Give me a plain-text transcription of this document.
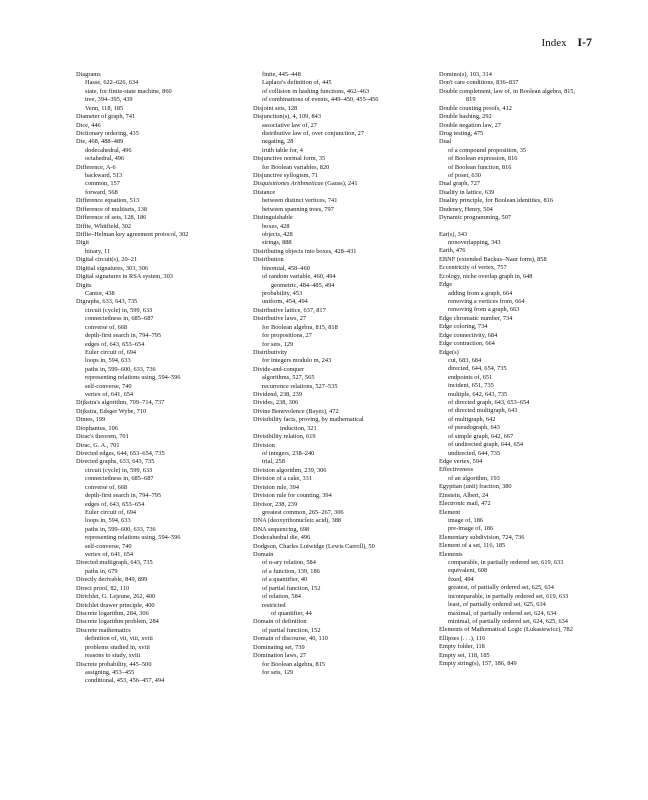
Index I-7
Diagrams
Hasse, 622–626, 634
state, for finite-state machine, 860
tree, 394–395, 439
Venn, 118, 185
Diameter of graph, 741
Dice, 446
Dictionary ordering, 435
Die, 468, 488–489
dodecahedral, 496
octahedral, 496
Difference, A-6
backward, 513
common, 157
forward, 568
Difference equation, 513
Difference of multisets, 138
Difference of sets, 128, 186
Diffie, Whitfield, 302
Diffie–Helman key agreement protocol, 302
Digit
binary, 11
Digital circuit(s), 20–21
Digitial signatures, 303, 306
Digital signatures in RSA system, 303
Digits
Cantor, 438
Digraphs, 633, 643, 735
circuit (cycle) in, 599, 633
connectedness in, 685–687
converse of, 668
depth-first search in, 794–795
edges of, 643, 653–654
Euler circuit of, 694
loops in, 594, 633
paths in, 599–600, 633, 736
representing relations using, 594–596
self-converse, 740
vertex of, 641, 654
Dijkstra's algorithm, 709–714, 737
Dijkstra, Edsger Wybe, 710
Dimes, 199
Diophantus, 106
Dirac's theorem, 701
Dirac, G. A., 701
Directed edges, 644, 653–654, 735
Directed graphs, 633, 643, 735
circuit (cycle) in, 599, 633
connectedness in, 685–687
converse of, 668
depth-first search in, 794–795
edges of, 643, 653–654
Euler circuit of, 694
loops in, 594, 633
paths in, 599–600, 633, 736
representing relations using, 594–596
self-converse, 740
vertex of, 641, 654
Directed multigraph, 643, 735
paths in, 679
Directly derivable, 849, 899
Direct proof, 82, 110
Dirichlet, G. Lejeune, 262, 400
Dirichlet drawer principle, 400
Discrete logarithm, 284, 306
Discrete logarithm problem, 284
Discrete mathematics
definition of, vii, viii, xviii
problems studied in, xviii
reasons to study, xviii
Discrete probability, 445–500
assigning, 453–455
conditional, 453, 456–457, 494
finite, 445–448
Laplace's definition of, 445
of collision in hashing functions, 462–463
of combinations of events, 449–450, 455–456
Disjoint sets, 128
Disjunction(s), 4, 109, 843
associative law of, 27
distributive law of, over conjunction, 27
negating, 28
truth table for, 4
Disjunctive normal form, 35
for Boolean variables, 820
Disjunctive syllogism, 71
Disquisitiones Arithmeticae (Gauss), 241
Distance
between distinct vertices, 741
between spanning trees, 797
Distinguishable
boxes, 428
objects, 428
strings, 888
Distributing objects into boxes, 428–431
Distribution
binomial, 458–460
of random variable, 460, 494
geometric, 484–485, 494
probability, 453
uniform, 454, 494
Distributive lattice, 637, 817
Distributive laws, 27
for Boolean algebra, 815, 818
for propositions, 27
for sets, 129
Distributivity
for integers modulo m, 243
Divide-and-conquer
algorithms, 527, 565
recurrence relations, 527–535
Dividend, 238, 239
Divides, 238, 306
Divine Benevolence (Bayes), 472
Divisibility facts, proving, by mathematical
induction, 321
Divisibility relation, 619
Division
of integers, 238–240
trial, 258
Division algorithm, 239, 306
Division of a cake, 331
Division rule, 394
Division rule for counting, 394
Divisor, 238, 239
greatest common, 265–267, 306
DNA (deoxyribonucleic acid), 388
DNA sequencing, 698
Dodecahedral die, 496
Dodgson, Charles Lutwidge (Lewis Carroll), 50
Domain
of n-ary relation, 584
of a function, 139, 186
of a quantifier, 40
of partial function, 152
of relation, 584
restricted
of quantifier, 44
Domain of definition
of partial function, 152
Domain of discourse, 40, 110
Dominating set, 739
Domination laws, 27
for Boolean algebra, 815
for sets, 129
Domino(s), 103, 314
Don't care conditions, 836–837
Double complement, law of, in Boolean algebra, 815,
819
Double counting proofs, 412
Double hashing, 292
Double negation law, 27
Drug testing, 475
Dual
of a compound proposition, 35
of Boolean expression, 816
of Boolean function, 816
of poset, 630
Dual graph, 727
Duality in lattice, 639
Duality principle, for Boolean identities, 816
Dudeney, Henry, 504
Dynamic programming, 507
Ear(s), 343
nonoverlapping, 343
Earth, 476
EBNF (extended Backus–Naur form), 858
Eccentricity of vertex, 757
Ecology, niche overlap graph in, 648
Edge
adding from a graph, 664
removing a vertices from, 664
removing from a graph, 663
Edge chromatic number, 734
Edge coloring, 734
Edge connectivity, 684
Edge contraction, 664
Edge(s)
cut, 683, 684
directed, 644, 654, 735
endpoints of, 651
incident, 651, 735
multiple, 642, 643, 735
of directed graph, 643, 653–654
of directed multigraph, 643
of multigraph, 642
of pseudograph, 643
of simple graph, 642, 667
of undirected graph, 644, 654
undirected, 644, 735
Edge vertex, 594
Effectiveness
of an algorithm, 193
Egyptian (unit) fraction, 380
Einstein, Albert, 24
Electronic mail, 472
Element
image of, 186
pre-image of, 186
Elementary subdivision, 724, 736
Element of a set, 116, 185
Elements
comparable, in partially ordered set, 619, 633
equivalent, 608
fixed, 494
greatest, of partially ordered set, 625, 634
incomparable, in partially ordered set, 619, 633
least, of partially ordered set, 625, 634
maximal, of partially ordered set, 624, 634
minimal, of partially ordered set, 624, 625, 634
Elements of Mathematical Logic (Łukasiewicz), 782
Ellipses (. . .), 116
Empty folder, 118
Empty set, 118, 185
Empty string(s), 157, 186, 849
